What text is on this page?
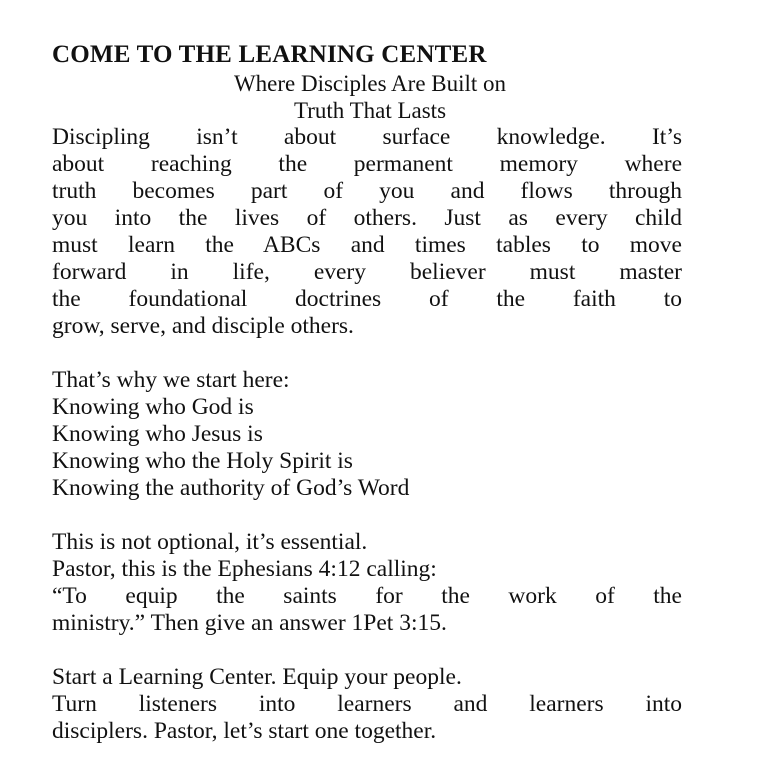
COME TO THE LEARNING CENTER

Where Disciples Are Built on

Truth That Lasts

Discipling isn’t about surface knowledge. It’s
about reaching the permanent memory where
truth becomes part of you and flows through
you into the lives of others. Just as every child
must learn the ABCs and times tables to move
forward in life, every believer must master
the foundational doctrines of the faith to
grow, serve, and disciple others.
That’s why we start here:
Knowing who God is
Knowing who Jesus is
Knowing who the Holy Spirit is
Knowing the authority of God’s Word
This is not optional, it’s essential.
Pastor, this is the Ephesians 4:12 calling:
“To equip the saints for the work of the
ministry.” Then give an answer 1Pet 3:15.
Start a Learning Center. Equip your people.
Turn listeners into learners and learners into
disciplers. Pastor, let’s start one together.
